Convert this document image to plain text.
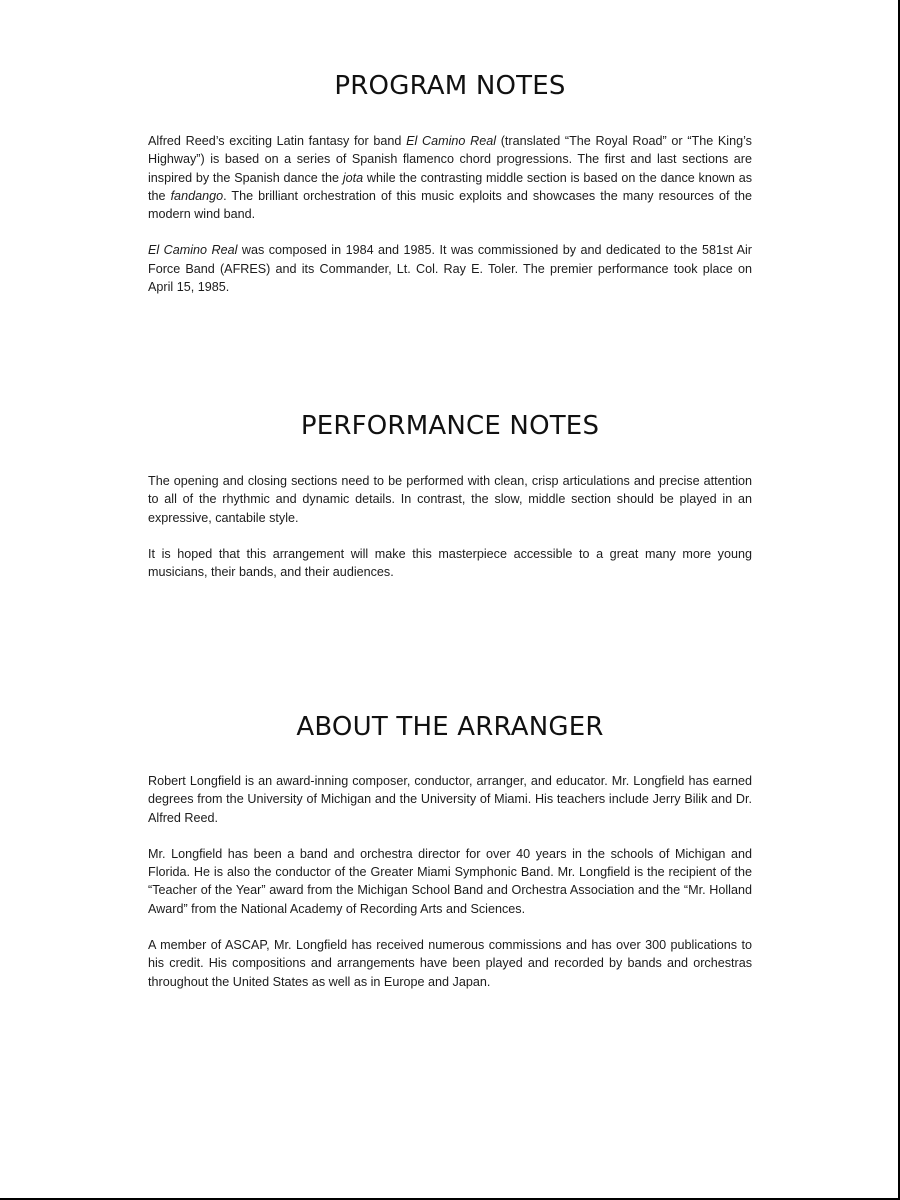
PROGRAM NOTES

Alfred Reed’s exciting Latin fantasy for band El Camino Real (translated “The Royal Road” or “The King’s Highway”) is based on a series of Spanish flamenco chord progressions. The first and last sections are inspired by the Spanish dance the jota while the contrasting middle section is based on the dance known as the fandango. The brilliant orchestration of this music exploits and showcases the many resources of the modern wind band.

El Camino Real was composed in 1984 and 1985. It was commissioned by and dedicated to the 581st Air Force Band (AFRES) and its Commander, Lt. Col. Ray E. Toler. The premier performance took place on April 15, 1985.

PERFORMANCE NOTES

The opening and closing sections need to be performed with clean, crisp articulations and precise attention to all of the rhythmic and dynamic details. In contrast, the slow, middle section should be played in an expressive, cantabile style.

It is hoped that this arrangement will make this masterpiece accessible to a great many more young musicians, their bands, and their audiences.

ABOUT THE ARRANGER

Robert Longfield is an award-inning composer, conductor, arranger, and educator. Mr. Longfield has earned degrees from the University of Michigan and the University of Miami. His teachers include Jerry Bilik and Dr. Alfred Reed.

Mr. Longfield has been a band and orchestra director for over 40 years in the schools of Michigan and Florida. He is also the conductor of the Greater Miami Symphonic Band. Mr. Longfield is the recipient of the “Teacher of the Year” award from the Michigan School Band and Orchestra Association and the “Mr. Holland Award” from the National Academy of Recording Arts and Sciences.

A member of ASCAP, Mr. Longfield has received numerous commissions and has over 300 publications to his credit. His compositions and arrangements have been played and recorded by bands and orchestras throughout the United States as well as in Europe and Japan.
